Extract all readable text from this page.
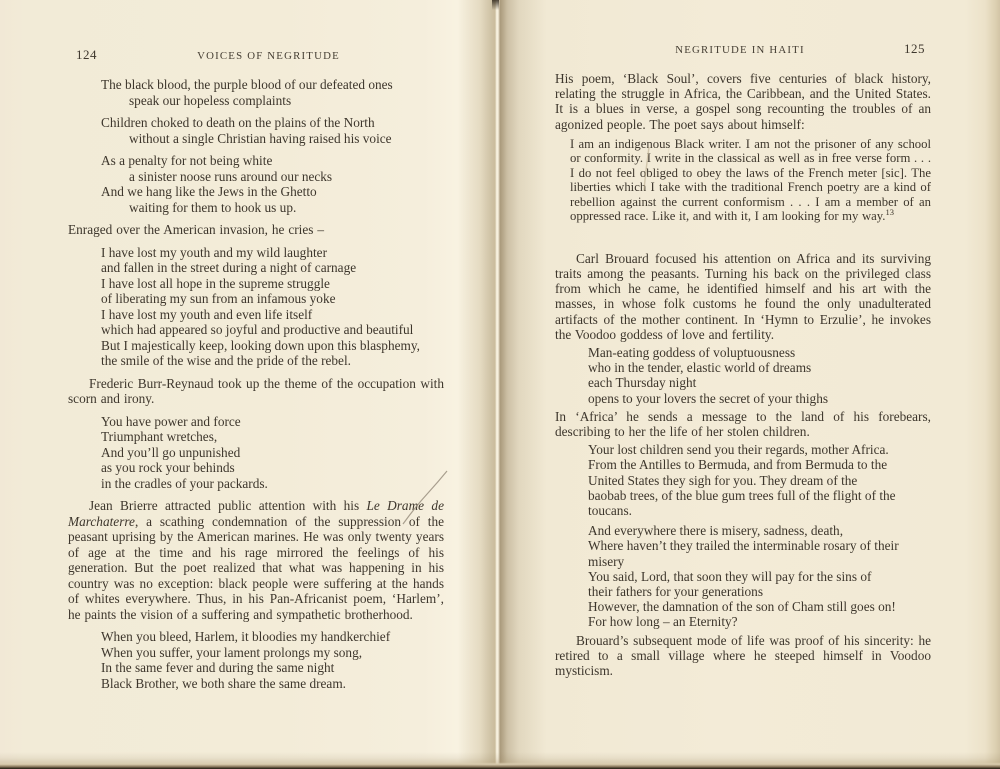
124	VOICES OF NEGRITUDE
The black blood, the purple blood of our defeated ones
speak our hopeless complaints
Children choked to death on the plains of the North
without a single Christian having raised his voice
As a penalty for not being white
a sinister noose runs around our necks
And we hang like the Jews in the Ghetto
waiting for them to hook us up.

Enraged over the American invasion, he cries –

I have lost my youth and my wild laughter
and fallen in the street during a night of carnage
I have lost all hope in the supreme struggle
of liberating my sun from an infamous yoke
I have lost my youth and even life itself
which had appeared so joyful and productive and beautiful
But I majestically keep, looking down upon this blasphemy,
the smile of the wise and the pride of the rebel.

Frederic Burr-Reynaud took up the theme of the occupation with scorn and irony.

You have power and force
Triumphant wretches,
And you’ll go unpunished
as you rock your behinds
in the cradles of your packards.

Jean Brierre attracted public attention with his Le Drame de Marchaterre, a scathing condemnation of the suppression of the peasant uprising by the American marines. He was only twenty years of age at the time and his rage mirrored the feelings of his generation. But the poet realized that what was happening in his country was no exception: black people were suffering at the hands of whites everywhere. Thus, in his Pan-Africanist poem, ‘Harlem’, he paints the vision of a suffering and sympathetic brotherhood.

When you bleed, Harlem, it bloodies my handkerchief
When you suffer, your lament prolongs my song,
In the same fever and during the same night
Black Brother, we both share the same dream.
125
NEGRITUDE IN HAITI

His poem, ‘Black Soul’, covers five centuries of black history, relating the struggle in Africa, the Caribbean, and the United States. It is a blues in verse, a gospel song recounting the troubles of an agonized people. The poet says about himself:

I am an indigenous Black writer. I am not the prisoner of any school or conformity. I write in the classical as well as in free verse form . . . I do not feel obliged to obey the laws of the French meter [sic]. The liberties which I take with the traditional French poetry are a kind of rebellion against the current conformism . . . I am a member of an oppressed race. Like it, and with it, I am looking for my way.$^{13}$

Carl Brouard focused his attention on Africa and its surviving traits among the peasants. Turning his back on the privileged class from which he came, he identified himself and his art with the masses, in whose folk customs he found the only unadulterated artifacts of the mother continent. In ‘Hymn to Erzulie’, he invokes the Voodoo goddess of love and fertility.

Man-eating goddess of voluptuousness
who in the tender, elastic world of dreams
each Thursday night
opens to your lovers the secret of your thighs

In ‘Africa’ he sends a message to the land of his forebears, describing to her the life of her stolen children.

Your lost children send you their regards, mother Africa.
From the Antilles to Bermuda, and from Bermuda to the
United States they sigh for you. They dream of the
baobab trees, of the blue gum trees full of the flight of the
toucans.
And everywhere there is misery, sadness, death,
Where haven’t they trailed the interminable rosary of their
misery
You said, Lord, that soon they will pay for the sins of
their fathers for your generations
However, the damnation of the son of Cham still goes on!
For how long – an Eternity?

Brouard’s subsequent mode of life was proof of his sincerity: he retired to a small village where he steeped himself in Voodoo mysticism.
